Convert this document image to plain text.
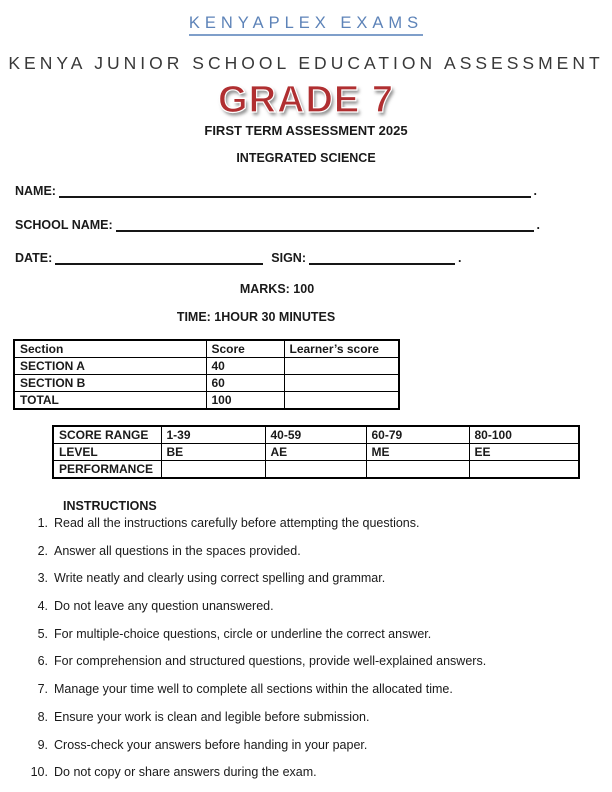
KENYAPLEX EXAMS
KENYA JUNIOR SCHOOL EDUCATION ASSESSMENT
GRADE 7
FIRST TERM ASSESSMENT 2025
INTEGRATED SCIENCE
NAME:	.
SCHOOL NAME:	.
DATE:	SIGN:	.
MARKS: 100
TIME: 1HOUR 30 MINUTES
Section	Score	Learner’s score
SECTION A	40	
SECTION B	60	
TOTAL	100	
SCORE RANGE	1-39	40-59	60-79	80-100
LEVEL	BE	AE	ME	EE
PERFORMANCE				
INSTRUCTIONS
1. Read all the instructions carefully before attempting the questions.
2. Answer all questions in the spaces provided.
3. Write neatly and clearly using correct spelling and grammar.
4. Do not leave any question unanswered.
5. For multiple-choice questions, circle or underline the correct answer.
6. For comprehension and structured questions, provide well-explained answers.
7. Manage your time well to complete all sections within the allocated time.
8. Ensure your work is clean and legible before submission.
9. Cross-check your answers before handing in your paper.
10. Do not copy or share answers during the exam.
